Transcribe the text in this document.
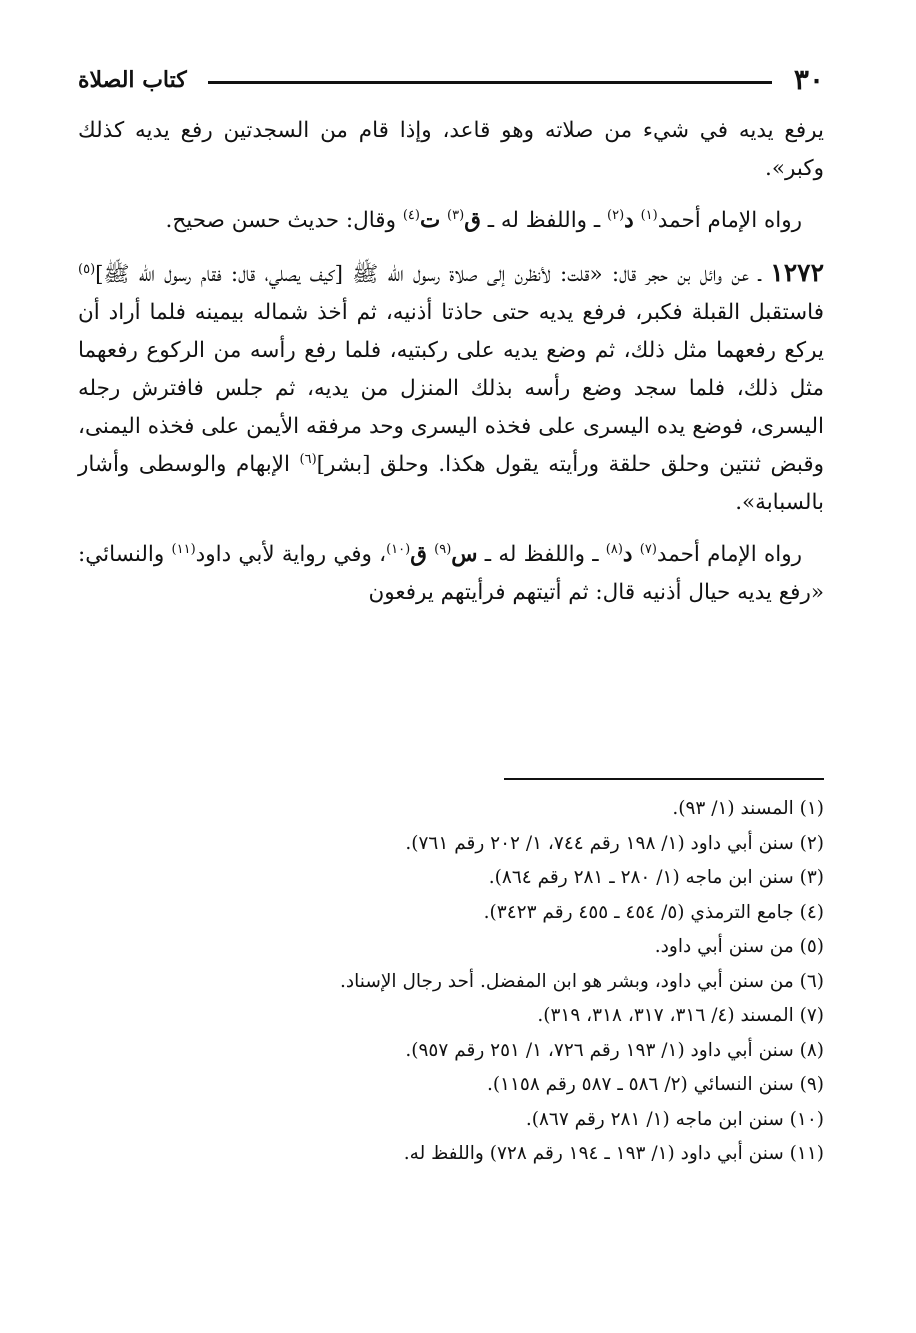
٣٠
كتاب الصلاة

يرفع يديه في شيء من صلاته وهو قاعد، وإذا قام من السجدتين رفع يديه كذلك وكبر».

رواه الإمام أحمد$^{(١)}$ د$^{(٢)}$ ـ واللفظ له ـ ق$^{(٣)}$ ت$^{(٤)}$ وقال: حديث حسن صحيح.

١٢٧٢ ـ عن وائل بن حجر قال: «قلت: لأنظرن إلى صلاة رسول الله ﷺ [كيف يصلي، قال: فقام رسول الله ﷺ]$^{(٥)}$ فاستقبل القبلة فكبر، فرفع يديه حتى حاذتا أذنيه، ثم أخذ شماله بيمينه فلما أراد أن يركع رفعهما مثل ذلك، ثم وضع يديه على ركبتيه، فلما رفع رأسه من الركوع رفعهما مثل ذلك، فلما سجد وضع رأسه بذلك المنزل من يديه، ثم جلس فافترش رجله اليسرى، فوضع يده اليسرى على فخذه اليسرى وحد مرفقه الأيمن على فخذه اليمنى، وقبض ثنتين وحلق حلقة ورأيته يقول هكذا. وحلق [بشر]$^{(٦)}$ الإبهام والوسطى وأشار بالسبابة».

رواه الإمام أحمد$^{(٧)}$ د$^{(٨)}$ ـ واللفظ له ـ س$^{(٩)}$ ق$^{(١٠)}$، وفي رواية لأبي داود$^{(١١)}$ والنسائي: «رفع يديه حيال أذنيه قال: ثم أتيتهم فرأيتهم يرفعون

(١) المسند (١/ ٩٣).
(٢) سنن أبي داود (١/ ١٩٨ رقم ٧٤٤، ١/ ٢٠٢ رقم ٧٦١).
(٣) سنن ابن ماجه (١/ ٢٨٠ ـ ٢٨١ رقم ٨٦٤).
(٤) جامع الترمذي (٥/ ٤٥٤ ـ ٤٥٥ رقم ٣٤٢٣).
(٥) من سنن أبي داود.
(٦) من سنن أبي داود، وبشر هو ابن المفضل. أحد رجال الإسناد.
(٧) المسند (٤/ ٣١٦، ٣١٧، ٣١٨، ٣١٩).
(٨) سنن أبي داود (١/ ١٩٣ رقم ٧٢٦، ١/ ٢٥١ رقم ٩٥٧).
(٩) سنن النسائي (٢/ ٥٨٦ ـ ٥٨٧ رقم ١١٥٨).
(١٠) سنن ابن ماجه (١/ ٢٨١ رقم ٨٦٧).
(١١) سنن أبي داود (١/ ١٩٣ ـ ١٩٤ رقم ٧٢٨) واللفظ له.
